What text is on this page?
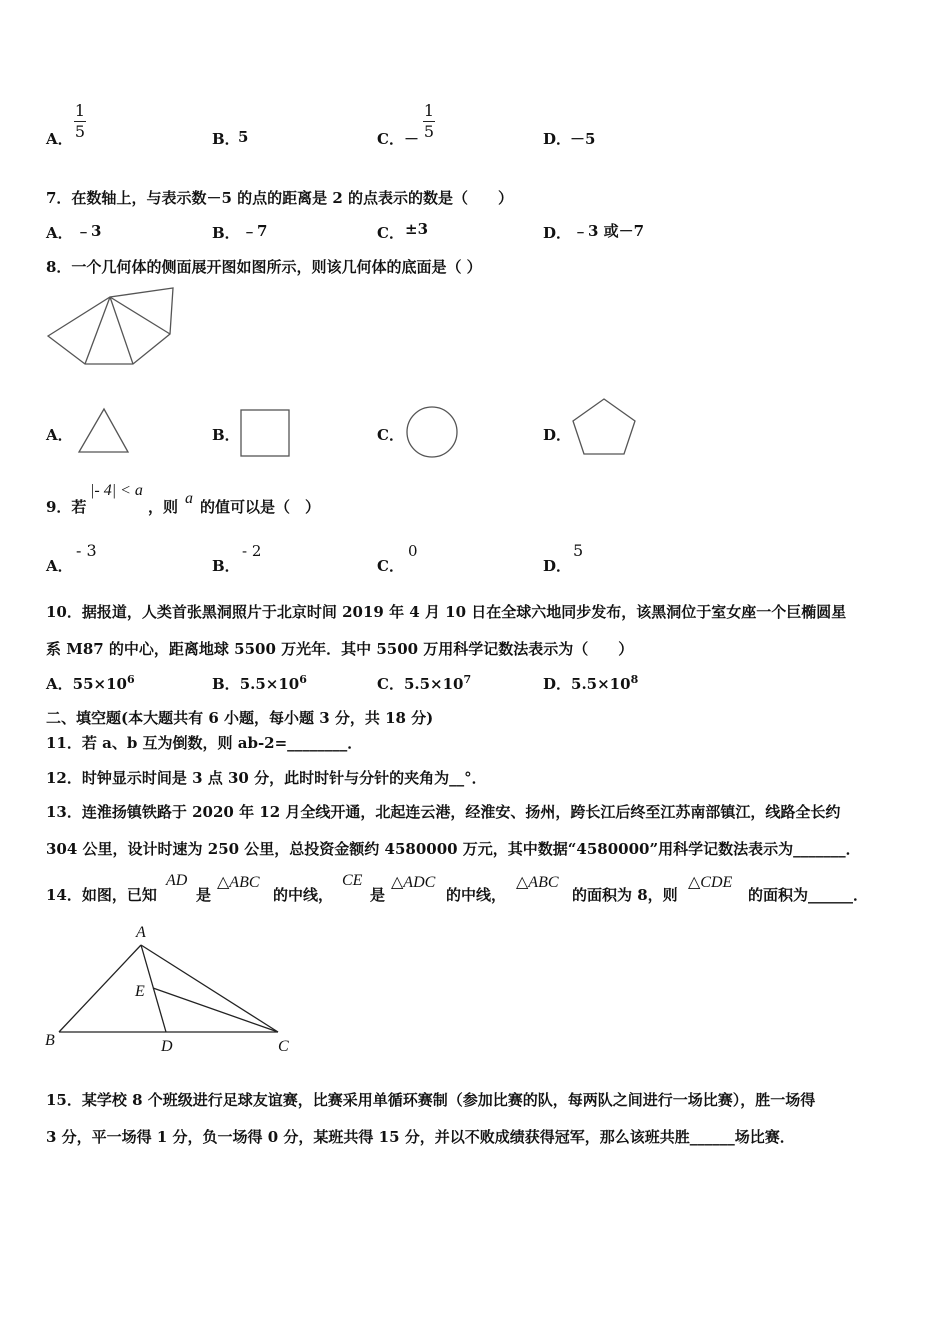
A．
1
5	B．
5	C． －
1
5	D．
－5
7．在数轴上，与表示数－5 的点的距离是 2 的点表示的数是（　　）
A． ﹣3	B． ﹣7	C． ±3	D． ﹣3 或－7
8．一个几何体的侧面展开图如图所示，则该几何体的底面是（ ）
A．	B．	C．	D．
9．若
|- 4| < a
，则 a 的值可以是（　）
A．
- 3
B．
- 2
C．
0
D．
5
10．据报道，人类首张黑洞照片于北京时间 2019 年 4 月 10 日在全球六地同步发布，该黑洞位于室女座一个巨椭圆星
系 M87 的中心，距离地球 5500 万光年．其中 5500 万用科学记数法表示为（　　）
A．$55\times 10^6$	B．$5.5\times 10^6$	C．$5.5\times 10^7$	D．$5.5\times 10^8$
二、填空题(本大题共有 6 小题，每小题 3 分，共 18 分)
11．若 a、b 互为倒数，则 ab-2=________．
12．时钟显示时间是 3 点 30 分，此时时针与分针的夹角为__°．
13．连淮扬镇铁路于 2020 年 12 月全线开通，北起连云港，经淮安、扬州，跨长江后终至江苏南部镇江，线路全长约
304 公里，设计时速为 250 公里，总投资金额约 4580000 万元，其中数据“4580000”用科学记数法表示为_______．
14．如图，已知
AD
是
△ABC
的中线，
CE
是
△ADC
的中线，
△ABC
的面积为 8，则
△CDE
的面积为______．
A
B	C
D
E
15．某学校 8 个班级进行足球友谊赛，比赛采用单循环赛制（参加比赛的队，每两队之间进行一场比赛），胜一场得
3 分，平一场得 1 分，负一场得 0 分，某班共得 15 分，并以不败成绩获得冠军，那么该班共胜______场比赛．
